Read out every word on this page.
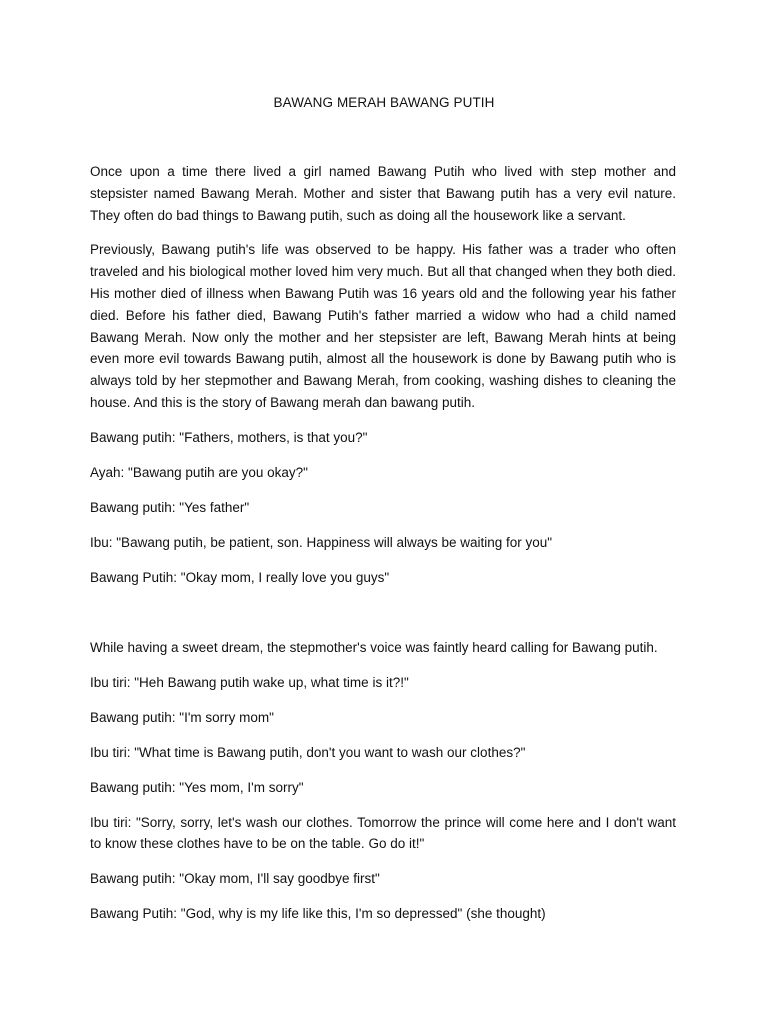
BAWANG MERAH BAWANG PUTIH

Once upon a time there lived a girl named Bawang Putih who lived with step mother and stepsister named Bawang Merah. Mother and sister that Bawang putih has a very evil nature. They often do bad things to Bawang putih, such as doing all the housework like a servant.

Previously, Bawang putih's life was observed to be happy. His father was a trader who often traveled and his biological mother loved him very much. But all that changed when they both died. His mother died of illness when Bawang Putih was 16 years old and the following year his father died. Before his father died, Bawang Putih's father married a widow who had a child named Bawang Merah. Now only the mother and her stepsister are left, Bawang Merah hints at being even more evil towards Bawang putih, almost all the housework is done by Bawang putih who is always told by her stepmother and Bawang Merah, from cooking, washing dishes to cleaning the house. And this is the story of Bawang merah dan bawang putih.

Bawang putih: "Fathers, mothers, is that you?"

Ayah: "Bawang putih are you okay?"

Bawang putih: "Yes father"

Ibu: "Bawang putih, be patient, son. Happiness will always be waiting for you"

Bawang Putih: "Okay mom, I really love you guys"

While having a sweet dream, the stepmother's voice was faintly heard calling for Bawang putih.

Ibu tiri: "Heh Bawang putih wake up, what time is it?!"

Bawang putih: "I'm sorry mom"

Ibu tiri: "What time is Bawang putih, don't you want to wash our clothes?"

Bawang putih: "Yes mom, I'm sorry"

Ibu tiri: "Sorry, sorry, let's wash our clothes. Tomorrow the prince will come here and I don't want to know these clothes have to be on the table. Go do it!"

Bawang putih: "Okay mom, I'll say goodbye first"

Bawang Putih: "God, why is my life like this, I'm so depressed" (she thought)
